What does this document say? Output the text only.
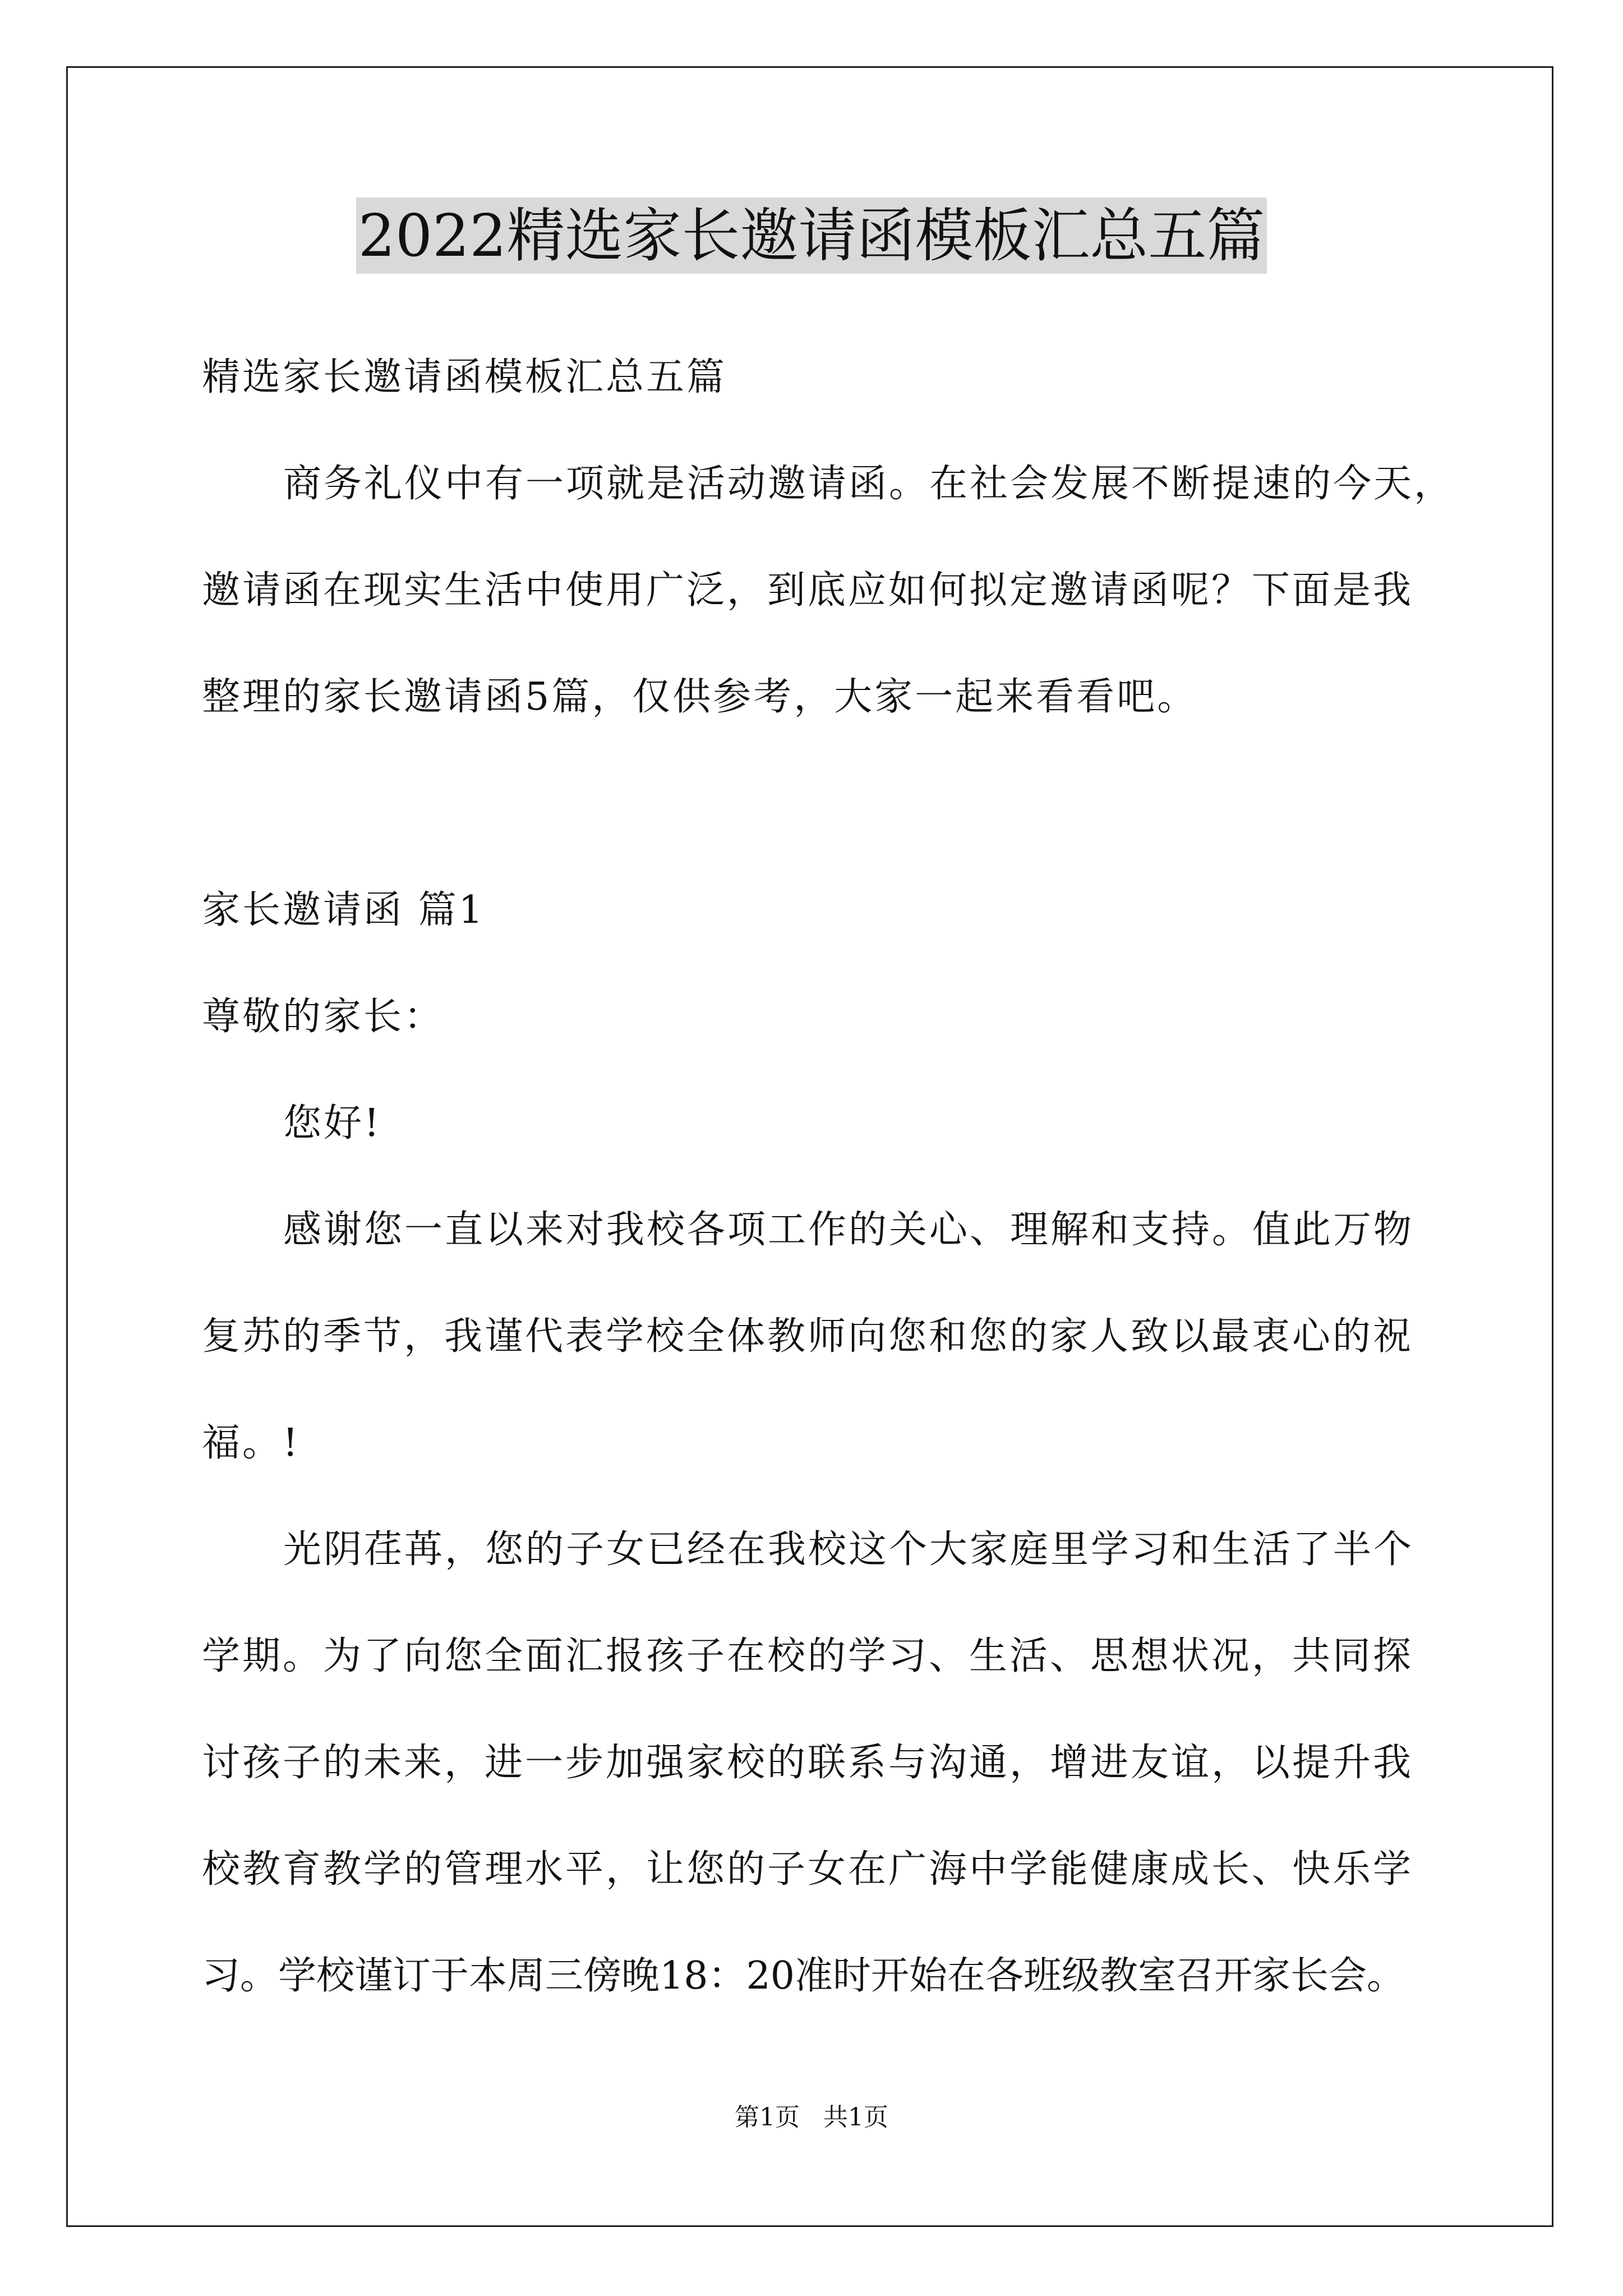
2022精选家长邀请函模板汇总五篇
精选家长邀请函模板汇总五篇
商务礼仪中有一项就是活动邀请函。在社会发展不断提速的今天，
邀请函在现实生活中使用广泛，到底应如何拟定邀请函呢？下面是我
整理的家长邀请函5篇，仅供参考，大家一起来看看吧。
家长邀请函 篇1
尊敬的家长：
您好!
感谢您一直以来对我校各项工作的关心、理解和支持。值此万物
复苏的季节，我谨代表学校全体教师向您和您的家人致以最衷心的祝
福。!
光阴荏苒，您的子女已经在我校这个大家庭里学习和生活了半个
学期。为了向您全面汇报孩子在校的学习、生活、思想状况，共同探
讨孩子的未来，进一步加强家校的联系与沟通，增进友谊，以提升我
校教育教学的管理水平，让您的子女在广海中学能健康成长、快乐学
习。学校谨订于本周三傍晚18：20准时开始在各班级教室召开家长会。
第1页   共1页
